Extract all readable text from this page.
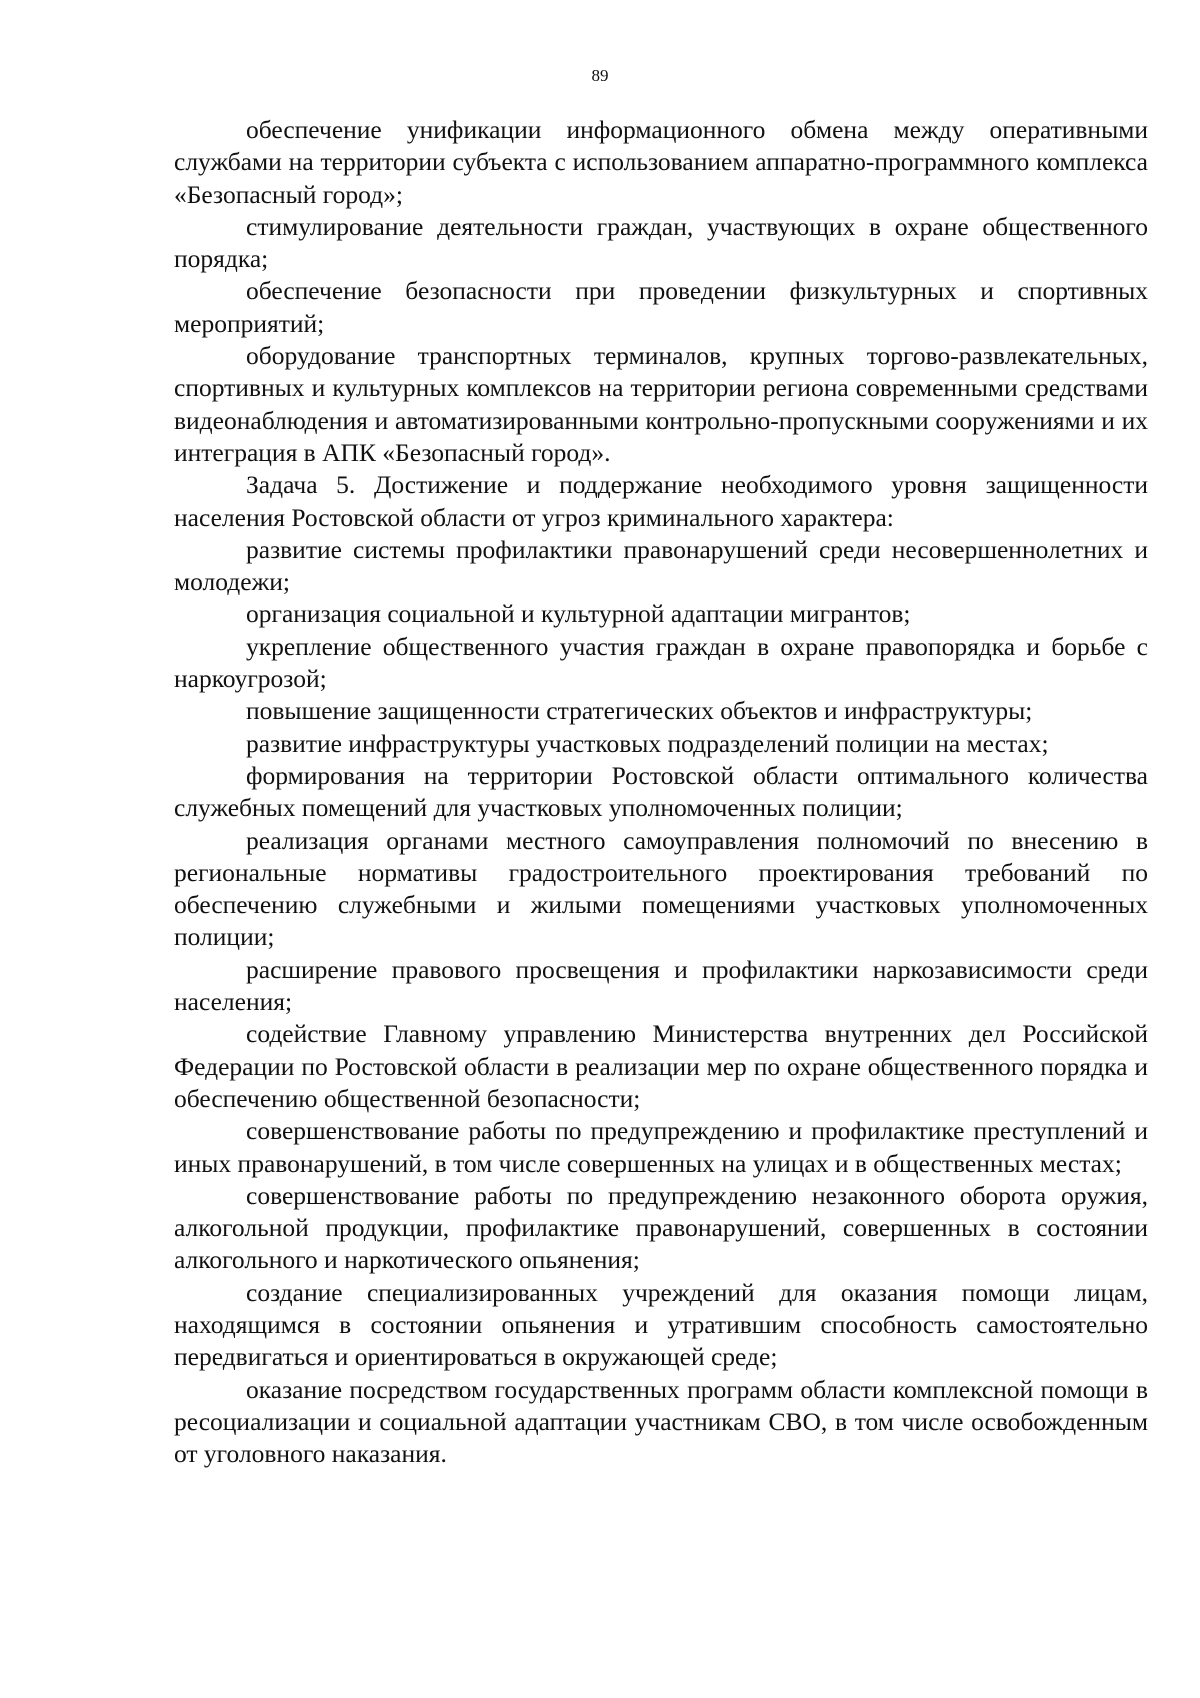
89

обеспечение унификации информационного обмена между оперативными службами на территории субъекта с использованием аппаратно-программного комплекса «Безопасный город»;

стимулирование деятельности граждан, участвующих в охране общественного порядка;

обеспечение безопасности при проведении физкультурных и спортивных мероприятий;

оборудование транспортных терминалов, крупных торгово-развлекательных, спортивных и культурных комплексов на территории региона современными средствами видеонаблюдения и автоматизированными контрольно-пропускными сооружениями и их интеграция в АПК «Безопасный город».

Задача 5. Достижение и поддержание необходимого уровня защищенности населения Ростовской области от угроз криминального характера:

развитие системы профилактики правонарушений среди несовершеннолетних и молодежи;

организация социальной и культурной адаптации мигрантов;

укрепление общественного участия граждан в охране правопорядка и борьбе с наркоугрозой;

повышение защищенности стратегических объектов и инфраструктуры;

развитие инфраструктуры участковых подразделений полиции на местах;

формирования на территории Ростовской области оптимального количества служебных помещений для участковых уполномоченных полиции;

реализация органами местного самоуправления полномочий по внесению в региональные нормативы градостроительного проектирования требований по обеспечению служебными и жилыми помещениями участковых уполномоченных полиции;

расширение правового просвещения и профилактики наркозависимости среди населения;

содействие Главному управлению Министерства внутренних дел Российской Федерации по Ростовской области в реализации мер по охране общественного порядка и обеспечению общественной безопасности;

совершенствование работы по предупреждению и профилактике преступлений и иных правонарушений, в том числе совершенных на улицах и в общественных местах;

совершенствование работы по предупреждению незаконного оборота оружия, алкогольной продукции, профилактике правонарушений, совершенных в состоянии алкогольного и наркотического опьянения;

создание специализированных учреждений для оказания помощи лицам, находящимся в состоянии опьянения и утратившим способность самостоятельно передвигаться и ориентироваться в окружающей среде;

оказание посредством государственных программ области комплексной помощи в ресоциализации и социальной адаптации участникам СВО, в том числе освобожденным от уголовного наказания.
